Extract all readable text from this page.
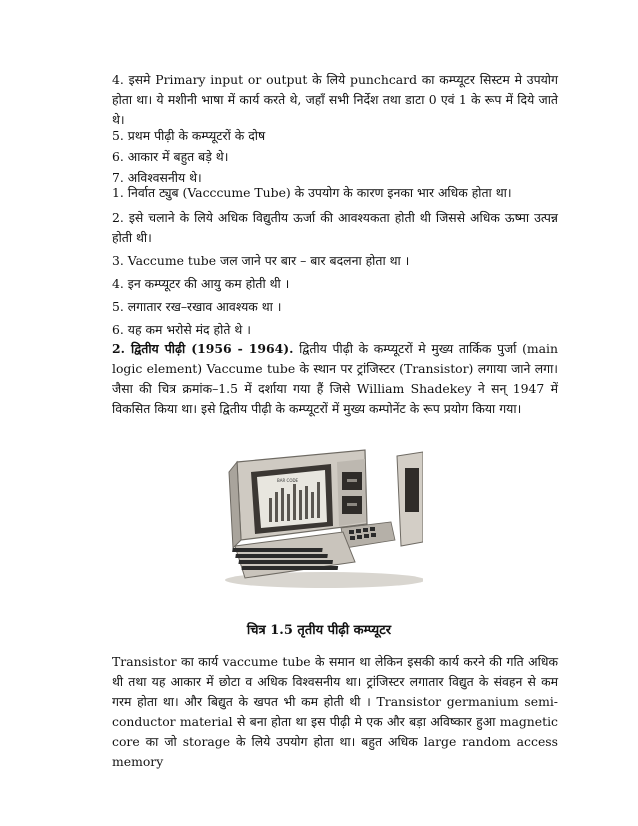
4. इसमे Primary input or output के लिये punchcard का कम्प्यूटर सिस्टम मे उपयोग होता था। ये मशीनी भाषा में कार्य करते थे, जहाँ सभी निर्देश तथा डाटा 0 एवं 1 के रूप में दिये जाते थे।

5. प्रथम पीढ़ी के कम्प्यूटरों के दोष

6. आकार में बहुत बड़े थे।

7. अविश्वसनीय थे।

1. निर्वात ट्युब (Vacccume Tube) के उपयोग के कारण इनका भार अधिक होता था।

2. इसे चलाने के लिये अधिक विद्युतीय ऊर्जा की आवश्यकता होती थी जिससे अधिक ऊष्मा उत्पन्न होती थी।

3. Vaccume tube जल जाने पर बार – बार बदलना होता था ।

4. इन कम्प्यूटर की आयु कम होती थी ।

5. लगातार रख–रखाव आवश्यक था ।

6. यह कम भरोसे मंद होते थे ।

2. द्वितीय पीढ़ी (1956 - 1964). द्वितीय पीढ़ी के कम्प्यूटरों मे मुख्य तार्किक पुर्जा (main logic element) Vaccume tube के स्थान पर ट्रांजिस्टर (Transistor) लगाया जाने लगा। जैसा की चित्र क्रमांक–1.5 में दर्शाया गया हैं जिसे William Shadekey ने सन् 1947 में विकसित किया था। इसे द्वितीय पीढ़ी के कम्प्यूटरों में मुख्य कम्पोनेंट के रूप प्रयोग किया गया।

BAR CODE
चित्र 1.5 तृतीय पीढ़ी कम्प्यूटर

Transistor का कार्य vaccume tube के समान था लेकिन इसकी कार्य करने की गति अधिक थी तथा यह आकार में छोटा व अधिक विश्वसनीय था। ट्रांजिस्टर लगातार विद्युत के संवहन से कम गरम होता था। और बिद्युत के खपत भी कम होती थी । Transistor germanium semi-conductor material से बना होता था इस पीढ़ी मे एक और बड़ा अविष्कार हुआ magnetic core का जो storage के लिये उपयोग होता था। बहुत अधिक large random access memory
